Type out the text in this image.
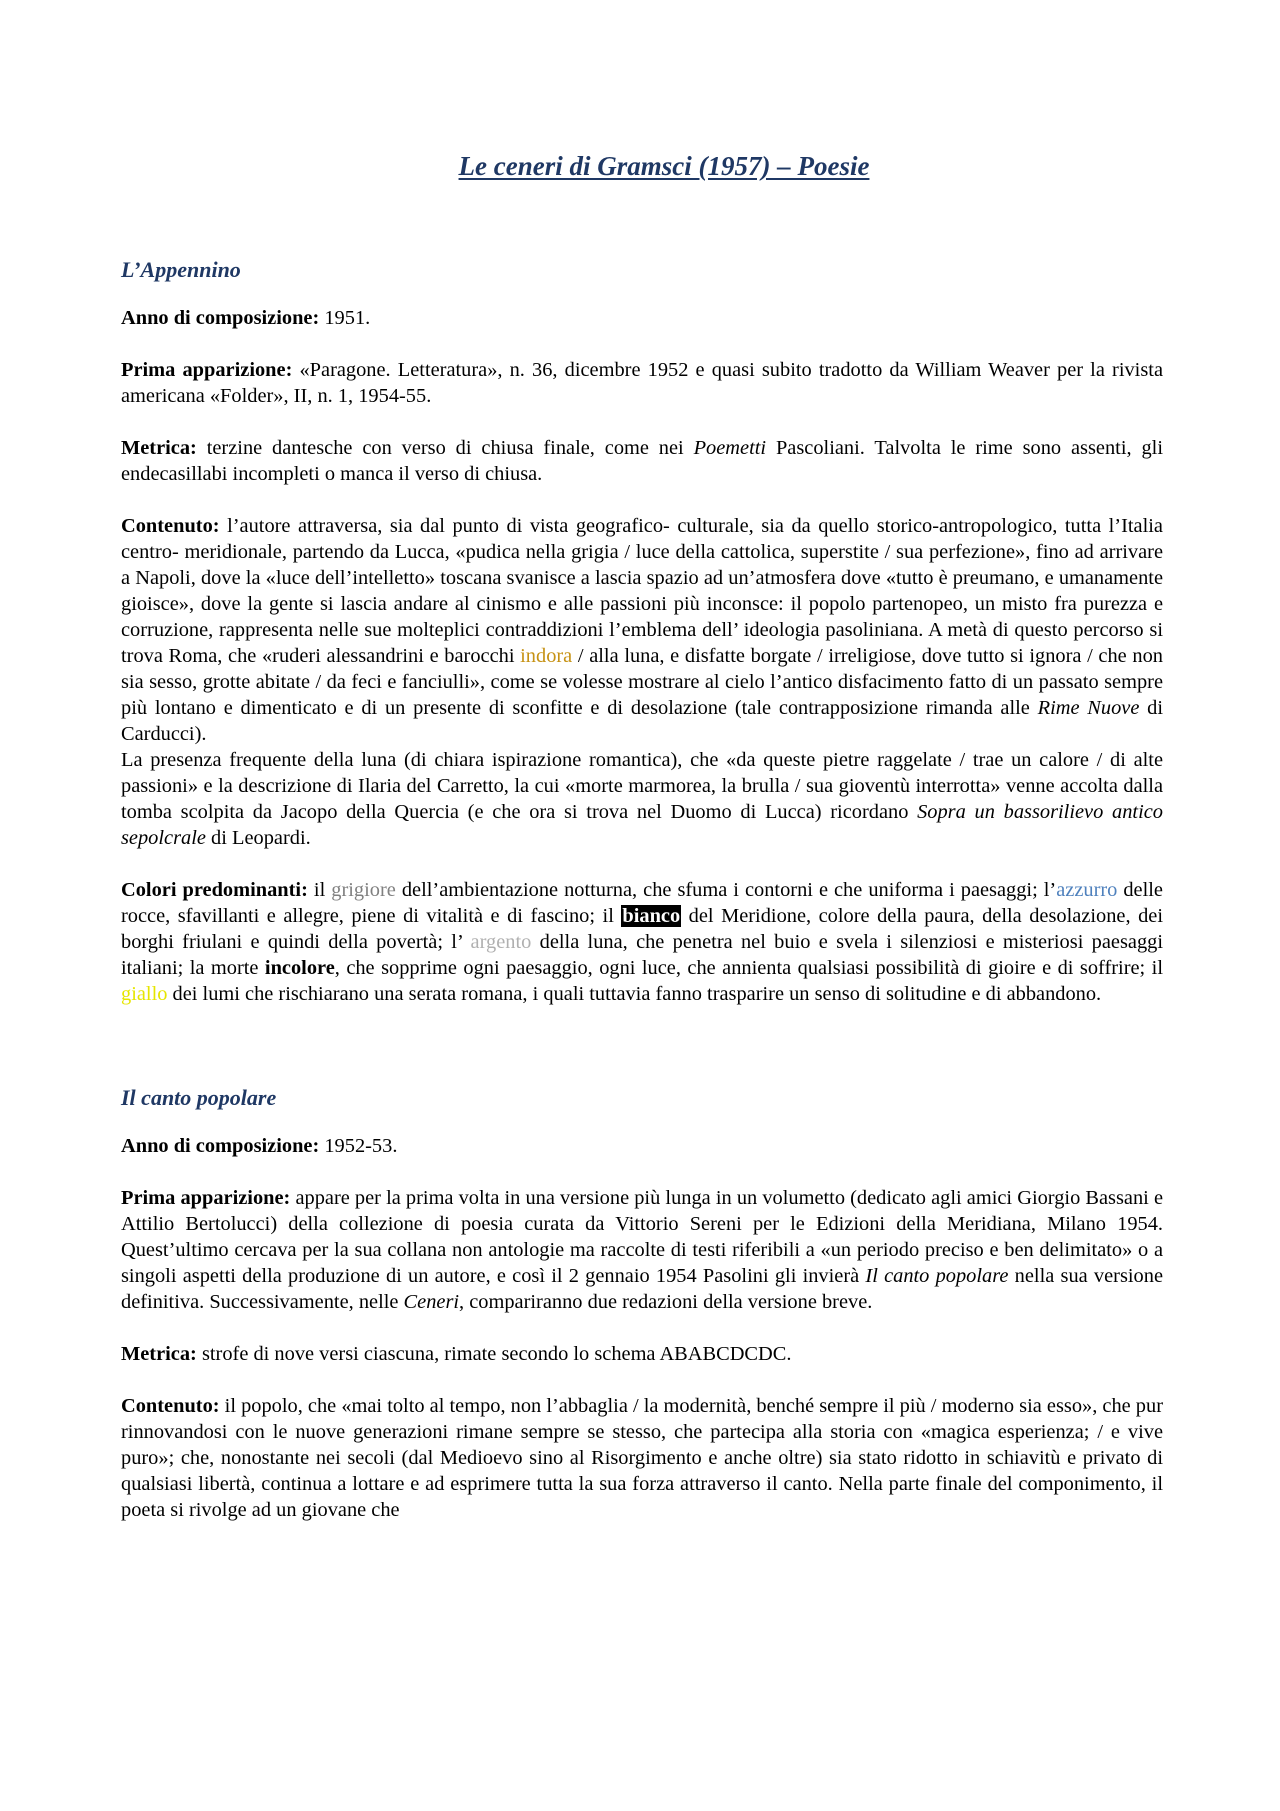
Le ceneri di Gramsci (1957) – Poesie
L’Appennino

Anno di composizione: 1951.

Prima apparizione: «Paragone. Letteratura», n. 36, dicembre 1952 e quasi subito tradotto da William Weaver per la rivista americana «Folder», II, n. 1, 1954-55.

Metrica: terzine dantesche con verso di chiusa finale, come nei Poemetti Pascoliani. Talvolta le rime sono assenti, gli endecasillabi incompleti o manca il verso di chiusa.

Contenuto: l’autore attraversa, sia dal punto di vista geografico- culturale, sia da quello storico-antropologico, tutta l’Italia centro- meridionale, partendo da Lucca, «pudica nella grigia / luce della cattolica, superstite / sua perfezione», fino ad arrivare a Napoli, dove la «luce dell’intelletto» toscana svanisce a lascia spazio ad un’atmosfera dove «tutto è preumano, e umanamente gioisce», dove la gente si lascia andare al cinismo e alle passioni più inconsce: il popolo partenopeo, un misto fra purezza e corruzione, rappresenta nelle sue molteplici contraddizioni l’emblema dell’ ideologia pasoliniana. A metà di questo percorso si trova Roma, che «ruderi alessandrini e barocchi indora / alla luna, e disfatte borgate / irreligiose, dove tutto si ignora / che non sia sesso, grotte abitate / da feci e fanciulli», come se volesse mostrare al cielo l’antico disfacimento fatto di un passato sempre più lontano e dimenticato e di un presente di sconfitte e di desolazione (tale contrapposizione rimanda alle Rime Nuove di Carducci).

La presenza frequente della luna (di chiara ispirazione romantica), che «da queste pietre raggelate / trae un calore / di alte passioni» e la descrizione di Ilaria del Carretto, la cui «morte marmorea, la brulla / sua gioventù interrotta» venne accolta dalla tomba scolpita da Jacopo della Quercia (e che ora si trova nel Duomo di Lucca) ricordano Sopra un bassorilievo antico sepolcrale di Leopardi.

Colori predominanti: il grigiore dell’ambientazione notturna, che sfuma i contorni e che uniforma i paesaggi; l’azzurro delle rocce, sfavillanti e allegre, piene di vitalità e di fascino; il bianco del Meridione, colore della paura, della desolazione, dei borghi friulani e quindi della povertà; l’ argento della luna, che penetra nel buio e svela i silenziosi e misteriosi paesaggi italiani; la morte incolore, che sopprime ogni paesaggio, ogni luce, che annienta qualsiasi possibilità di gioire e di soffrire; il giallo dei lumi che rischiarano una serata romana, i quali tuttavia fanno trasparire un senso di solitudine e di abbandono.

Il canto popolare

Anno di composizione: 1952-53.

Prima apparizione: appare per la prima volta in una versione più lunga in un volumetto (dedicato agli amici Giorgio Bassani e Attilio Bertolucci) della collezione di poesia curata da Vittorio Sereni per le Edizioni della Meridiana, Milano 1954. Quest’ultimo cercava per la sua collana non antologie ma raccolte di testi riferibili a «un periodo preciso e ben delimitato» o a singoli aspetti della produzione di un autore, e così il 2 gennaio 1954 Pasolini gli invierà Il canto popolare nella sua versione definitiva. Successivamente, nelle Ceneri, compariranno due redazioni della versione breve.

Metrica: strofe di nove versi ciascuna, rimate secondo lo schema ABABCDCDC.

Contenuto: il popolo, che «mai tolto al tempo, non l’abbaglia / la modernità, benché sempre il più / moderno sia esso», che pur rinnovandosi con le nuove generazioni rimane sempre se stesso, che partecipa alla storia con «magica esperienza; / e vive puro»; che, nonostante nei secoli (dal Medioevo sino al Risorgimento e anche oltre) sia stato ridotto in schiavitù e privato di qualsiasi libertà, continua a lottare e ad esprimere tutta la sua forza attraverso il canto. Nella parte finale del componimento, il poeta si rivolge ad un giovane che
